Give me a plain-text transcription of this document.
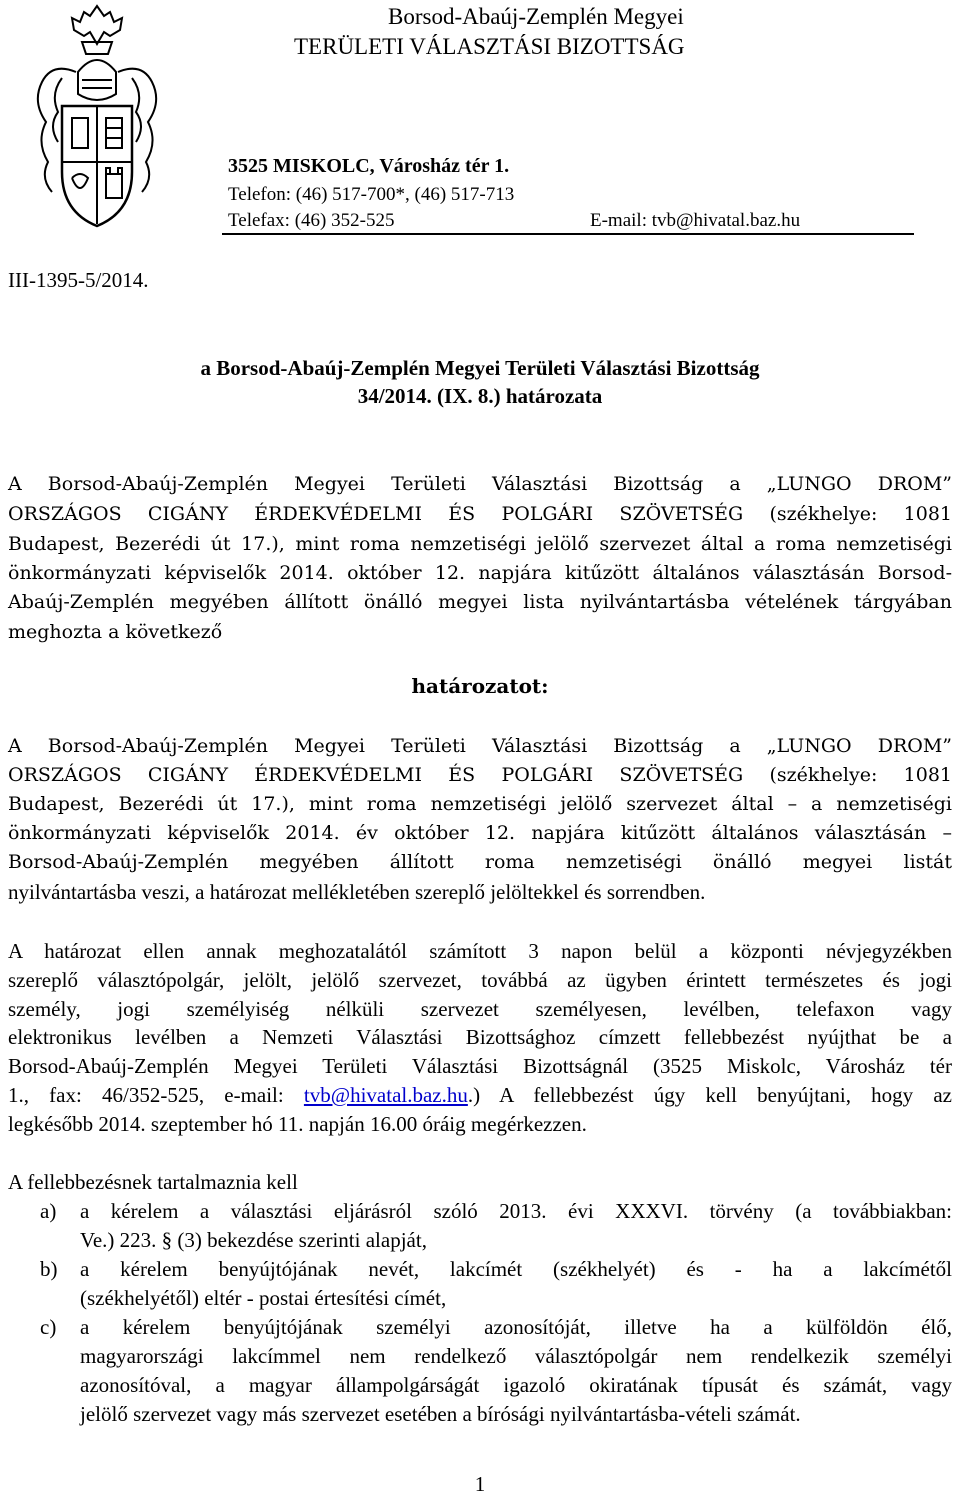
Borsod-Abaúj-Zemplén Megyei
TERÜLETI VÁLASZTÁSI BIZOTTSÁG
3525 MISKOLC, Városház tér 1.
Telefon: (46) 517-700*, (46) 517-713
Telefax: (46) 352-525	E-mail: tvb@hivatal.baz.hu
III-1395-5/2014.
a Borsod-Abaúj-Zemplén Megyei Területi Választási Bizottság
34/2014. (IX. 8.) határozata
A Borsod-Abaúj-Zemplén Megyei Területi Választási Bizottság a „LUNGO DROM”
ORSZÁGOS CIGÁNY ÉRDEKVÉDELMI ÉS POLGÁRI SZÖVETSÉG (székhelye: 1081
Budapest, Bezerédi út 17.), mint roma nemzetiségi jelölő szervezet által a roma nemzetiségi
önkormányzati képviselők 2014. október 12. napjára kitűzött általános választásán Borsod-
Abaúj-Zemplén megyében állított önálló megyei lista nyilvántartásba vételének tárgyában
meghozta a következő
határozatot:
A Borsod-Abaúj-Zemplén Megyei Területi Választási Bizottság a „LUNGO DROM”
ORSZÁGOS CIGÁNY ÉRDEKVÉDELMI ÉS POLGÁRI SZÖVETSÉG (székhelye: 1081
Budapest, Bezerédi út 17.), mint roma nemzetiségi jelölő szervezet által – a nemzetiségi
önkormányzati képviselők 2014. év október 12. napjára kitűzött általános választásán –
Borsod-Abaúj-Zemplén megyében állított roma nemzetiségi önálló megyei listát
nyilvántartásba veszi, a határozat mellékletében szereplő jelöltekkel és sorrendben.
A határozat ellen annak meghozatalától számított 3 napon belül a központi névjegyzékben
szereplő választópolgár, jelölt, jelölő szervezet, továbbá az ügyben érintett természetes és jogi
személy, jogi személyiség nélküli szervezet személyesen, levélben, telefaxon vagy
elektronikus levélben a Nemzeti Választási Bizottsághoz címzett fellebbezést nyújthat be a
Borsod-Abaúj-Zemplén Megyei Területi Választási Bizottságnál (3525 Miskolc, Városház tér
1., fax: 46/352-525, e-mail: tvb@hivatal.baz.hu.) A fellebbezést úgy kell benyújtani, hogy az
legkésőbb 2014. szeptember hó 11. napján 16.00 óráig megérkezzen.
A fellebbezésnek tartalmaznia kell
a) a kérelem a választási eljárásról szóló 2013. évi XXXVI. törvény (a továbbiakban:
Ve.) 223. § (3) bekezdése szerinti alapját,
b) a kérelem benyújtójának nevét, lakcímét (székhelyét) és - ha a lakcímétől
(székhelyétől) eltér - postai értesítési címét,
c) a kérelem benyújtójának személyi azonosítóját, illetve ha a külföldön élő,
magyarországi lakcímmel nem rendelkező választópolgár nem rendelkezik személyi
azonosítóval, a magyar állampolgárságát igazoló okiratának típusát és számát, vagy
jelölő szervezet vagy más szervezet esetében a bírósági nyilvántartásba-vételi számát.
1
